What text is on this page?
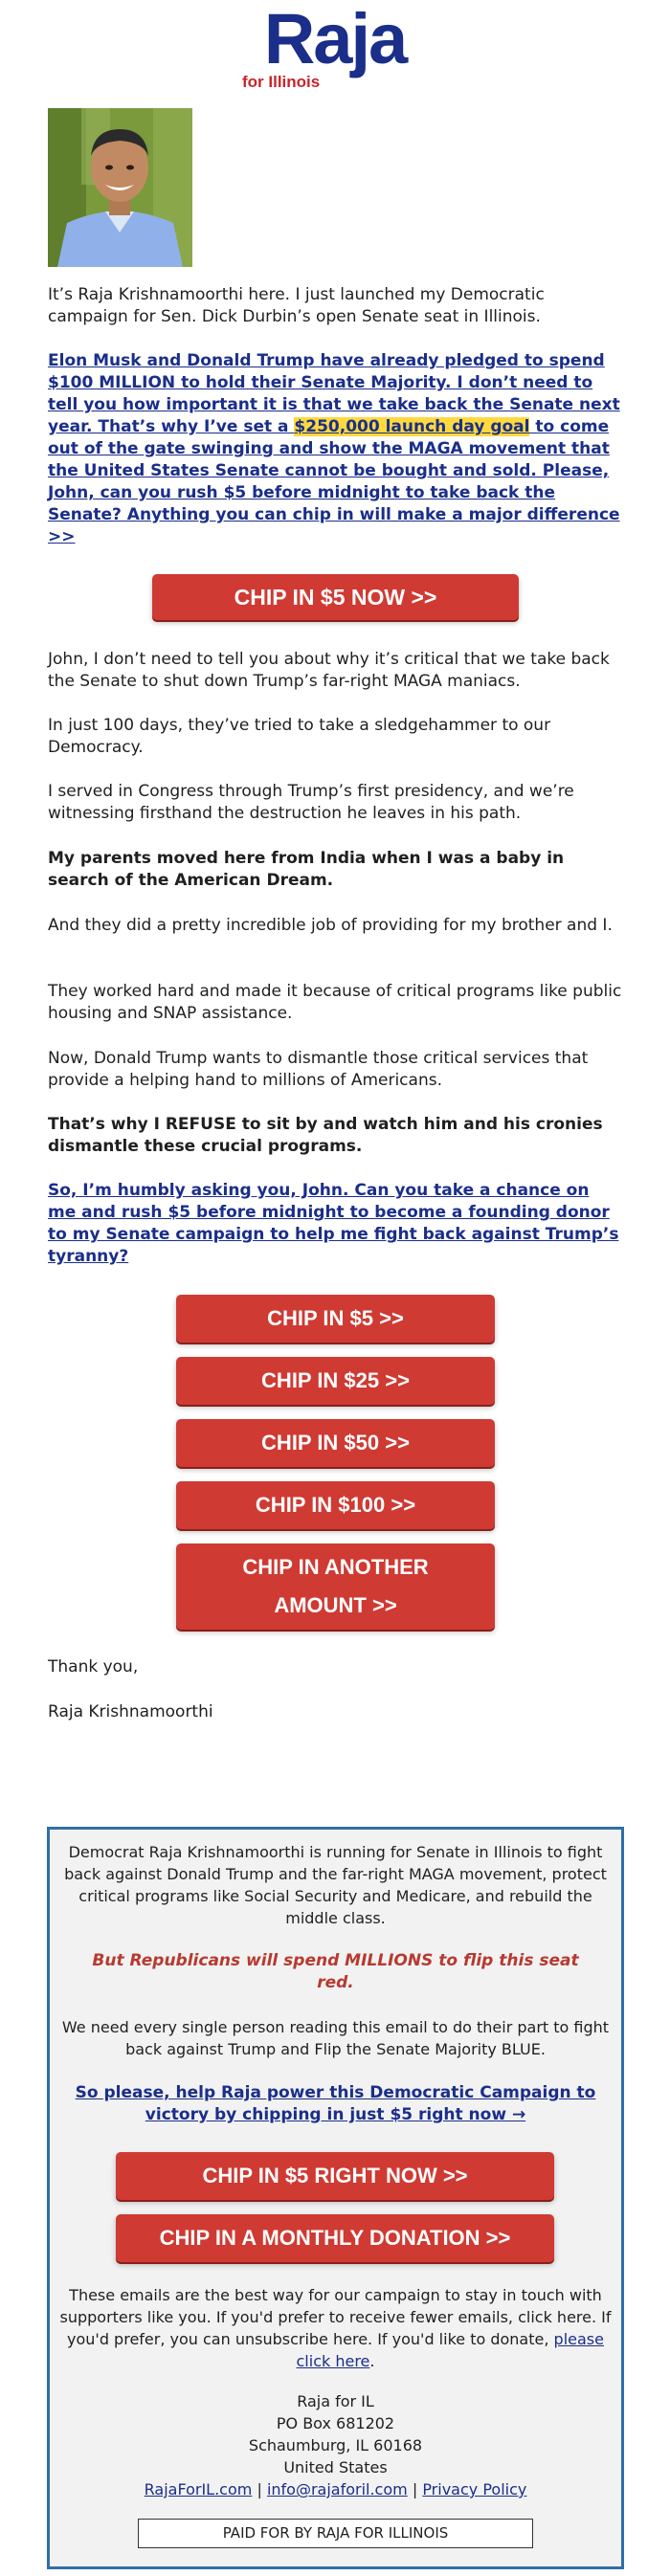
Raja
for Illinois
It’s Raja Krishnamoorthi here. I just launched my Democratic campaign for Sen. Dick Durbin’s open Senate seat in Illinois.
Elon Musk and Donald Trump have already pledged to spend $100 MILLION to hold their Senate Majority. I don’t need to tell you how important it is that we take back the Senate next year. That’s why I’ve set a $250,000 launch day goal to come out of the gate swinging and show the MAGA movement that the United States Senate cannot be bought and sold. Please, John, can you rush $5 before midnight to take back the Senate? Anything you can chip in will make a major difference >>
CHIP IN $5 NOW >>
John, I don’t need to tell you about why it’s critical that we take back the Senate to shut down Trump’s far-right MAGA maniacs.
In just 100 days, they’ve tried to take a sledgehammer to our Democracy.
I served in Congress through Trump’s first presidency, and we’re witnessing firsthand the destruction he leaves in his path.
My parents moved here from India when I was a baby in search of the American Dream.
And they did a pretty incredible job of providing for my brother and I.
They worked hard and made it because of critical programs like public housing and SNAP assistance.
Now, Donald Trump wants to dismantle those critical services that provide a helping hand to millions of Americans.
That’s why I REFUSE to sit by and watch him and his cronies dismantle these crucial programs.
So, I’m humbly asking you, John. Can you take a chance on me and rush $5 before midnight to become a founding donor to my Senate campaign to help me fight back against Trump’s tyranny?
CHIP IN $5 >>
CHIP IN $25 >>
CHIP IN $50 >>
CHIP IN $100 >>
CHIP IN ANOTHER
AMOUNT >>
Thank you,
Raja Krishnamoorthi
Democrat Raja Krishnamoorthi is running for Senate in Illinois to fight back against Donald Trump and the far-right MAGA movement, protect critical programs like Social Security and Medicare, and rebuild the middle class.
But Republicans will spend MILLIONS to flip this seat red.
We need every single person reading this email to do their part to fight back against Trump and Flip the Senate Majority BLUE.
So please, help Raja power this Democratic Campaign to victory by chipping in just $5 right now →
CHIP IN $5 RIGHT NOW >>
CHIP IN A MONTHLY DONATION >>
These emails are the best way for our campaign to stay in touch with supporters like you. If you'd prefer to receive fewer emails, click here. If you'd prefer, you can unsubscribe here. If you'd like to donate, please click here.
Raja for IL
PO Box 681202
Schaumburg, IL 60168
United States
RajaForIL.com | info@rajaforil.com | Privacy Policy
PAID FOR BY RAJA FOR ILLINOIS
